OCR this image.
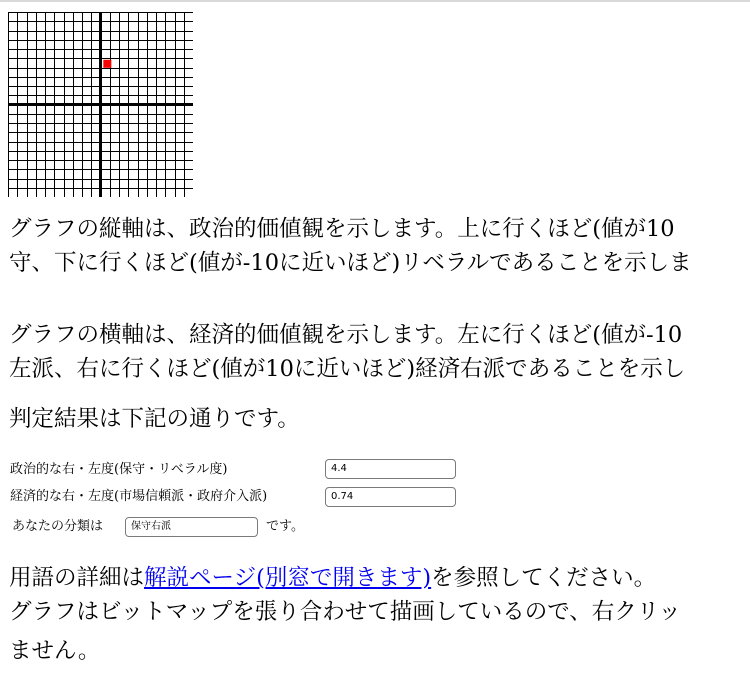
グラフの縦軸は、政治的価値観を示します。上に行くほど(値が10

守、下に行くほど(値が-10に近いほど)リベラルであることを示しま

グラフの横軸は、経済的価値観を示します。左に行くほど(値が-10

左派、右に行くほど(値が10に近いほど)経済右派であることを示し

判定結果は下記の通りです。

政治的な右・左度(保守・リベラル度)	4.4
経済的な右・左度(市場信頼派・政府介入派)	0.74
あなたの分類は	保守右派	です。

用語の詳細は解説ページ(別窓で開きます)を参照してください。

グラフはビットマップを張り合わせて描画しているので、右クリッ

ません。
